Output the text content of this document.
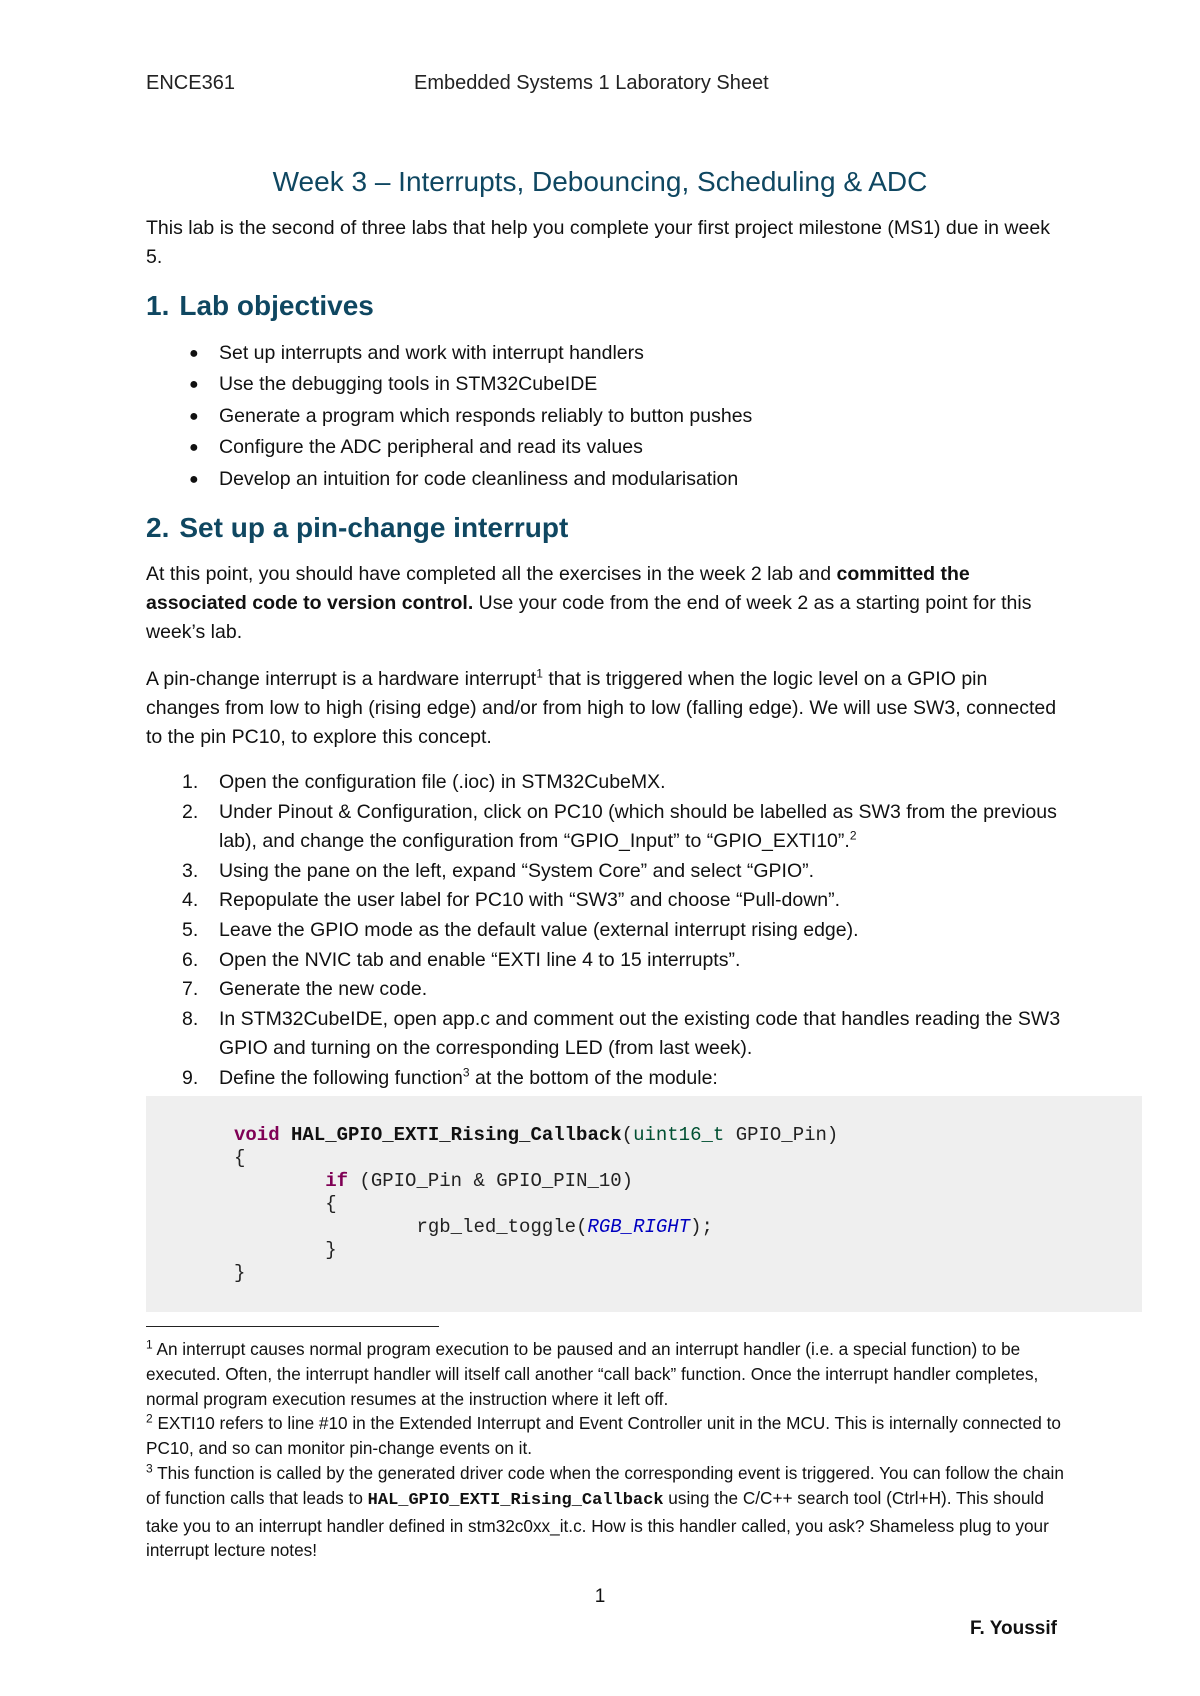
ENCE361	Embedded Systems 1 Laboratory Sheet
Week 3 – Interrupts, Debouncing, Scheduling & ADC

This lab is the second of three labs that help you complete your first project milestone (MS1) due in week 5.

1. Lab objectives
● Set up interrupts and work with interrupt handlers
● Use the debugging tools in STM32CubeIDE
● Generate a program which responds reliably to button pushes
● Configure the ADC peripheral and read its values
● Develop an intuition for code cleanliness and modularisation
2. Set up a pin-change interrupt

At this point, you should have completed all the exercises in the week 2 lab and committed the associated code to version control. Use your code from the end of week 2 as a starting point for this week’s lab.

A pin-change interrupt is a hardware interrupt$^1$ that is triggered when the logic level on a GPIO pin changes from low to high (rising edge) and/or from high to low (falling edge). We will use SW3, connected to the pin PC10, to explore this concept.

1. Open the configuration file (.ioc) in STM32CubeMX.
2. Under Pinout & Configuration, click on PC10 (which should be labelled as SW3 from the previous lab), and change the configuration from “GPIO_Input” to “GPIO_EXTI10”.$^2$
3. Using the pane on the left, expand “System Core” and select “GPIO”.
4. Repopulate the user label for PC10 with “SW3” and choose “Pull-down”.
5. Leave the GPIO mode as the default value (external interrupt rising edge).
6. Open the NVIC tab and enable “EXTI line 4 to 15 interrupts”.
7. Generate the new code.
8. In STM32CubeIDE, open app.c and comment out the existing code that handles reading the SW3 GPIO and turning on the corresponding LED (from last week).
9. Define the following function$^3$ at the bottom of the module:
void HAL_GPIO_EXTI_Rising_Callback(uint16_t GPIO_Pin)
{
if (GPIO_Pin & GPIO_PIN_10)
{
rgb_led_toggle(RGB_RIGHT);
}
}

$^1$ An interrupt causes normal program execution to be paused and an interrupt handler (i.e. a special function) to be executed. Often, the interrupt handler will itself call another “call back” function. Once the interrupt handler completes, normal program execution resumes at the instruction where it left off.

$^2$ EXTI10 refers to line #10 in the Extended Interrupt and Event Controller unit in the MCU. This is internally connected to PC10, and so can monitor pin-change events on it.

$^3$ This function is called by the generated driver code when the corresponding event is triggered. You can follow the chain of function calls that leads to HAL_GPIO_EXTI_Rising_Callback using the C/C++ search tool (Ctrl+H). This should take you to an interrupt handler defined in stm32c0xx_it.c. How is this handler called, you ask? Shameless plug to your interrupt lecture notes!

1
F. Youssif
